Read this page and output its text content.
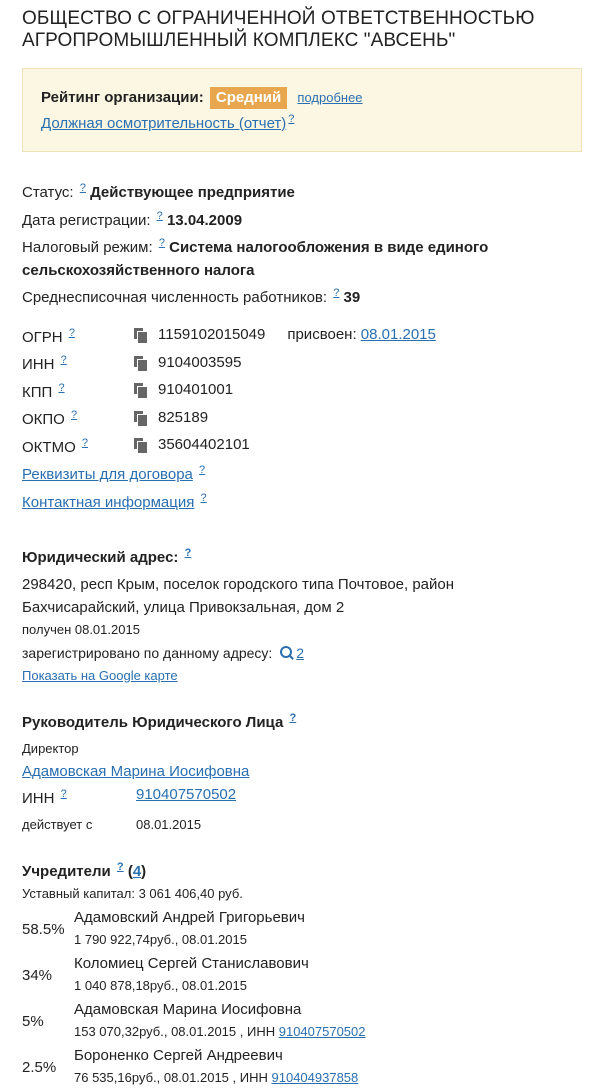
ОБЩЕСТВО С ОГРАНИЧЕННОЙ ОТВЕТСТВЕННОСТЬЮ
АГРОПРОМЫШЛЕННЫЙ КОМПЛЕКС "АВСЕНЬ"
Рейтинг организации: Средний подробнее
Должная осмотрительность (отчет) ?
Статус: ? Действующее предприятие
Дата регистрации: ? 13.04.2009
Налоговый режим: ? Система налогообложения в виде единого
сельскохозяйственного налога
Среднесписочная численность работников: ? 39
ОГРН ?	1159102015049 присвоен:
08.01.2015
ИНН ?	9104003595
КПП ?	910401001
ОКПО ?	825189
ОКТМО ?	35604402101
Реквизиты для договора ?
Контактная информация ?
Юридический адрес: ?
298420, респ Крым, поселок городского типа Почтовое, район
Бахчисарайский, улица Привокзальная, дом 2
получен 08.01.2015
зарегистрировано по данному адресу: 2
Показать на Google карте
Руководитель Юридического Лица ?
Директор
Адамовская Марина Иосифовна
ИНН ?	910407570502
действует с	08.01.2015
Учредители ? (4)
Уставный капитал: 3 061 406,40 руб.
58.5%
Адамовский Андрей Григорьевич
1 790 922,74руб., 08.01.2015
34%
Коломиец Сергей Станиславович
1 040 878,18руб., 08.01.2015
5%
Адамовская Марина Иосифовна
153 070,32руб., 08.01.2015 , ИНН 910407570502
2.5%
Бороненко Сергей Андреевич
76 535,16руб., 08.01.2015 , ИНН 910404937858
